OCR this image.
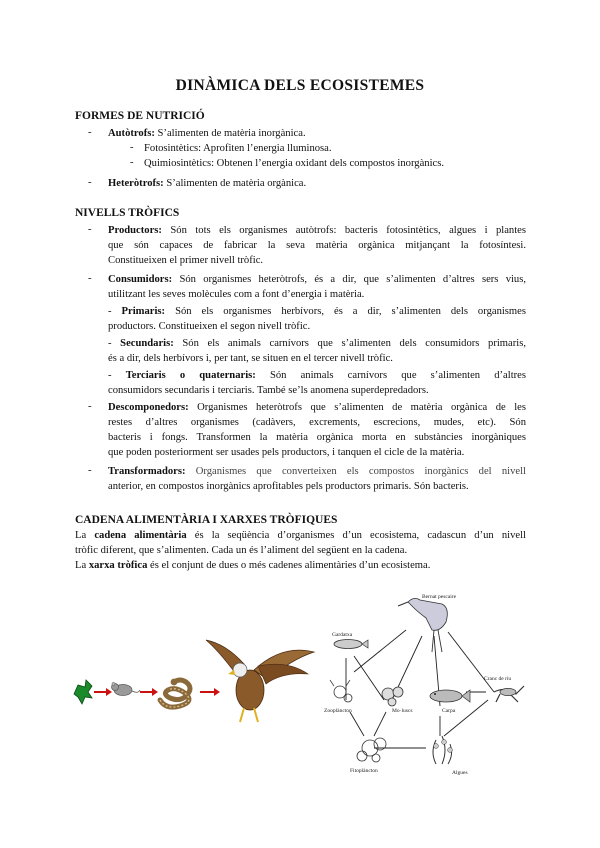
DINÀMICA DELS ECOSISTEMES
FORMES DE NUTRICIÓ
- Autòtrofs: S’alimenten de matèria inorgànica.
- Fotosintètics: Aprofiten l’energia lluminosa.
- Quimiosintètics: Obtenen l’energia oxidant dels compostos inorgànics.
- Heteròtrofs: S’alimenten de matèria orgànica.
NIVELLS TRÒFICS
- Productors: Són tots els organismes autòtrofs: bacteris fotosintètics, algues i plantes
que són capaces de fabricar la seva matèria orgànica mitjançant la fotosíntesi.
Constitueixen el primer nivell tròfic.
- Consumidors: Són organismes heteròtrofs, és a dir, que s’alimenten d’altres sers vius,
utilitzant les seves molècules com a font d’energia i matèria.
- Primaris: Són els organismes herbívors, és a dir, s’alimenten dels organismes
productors. Constitueixen el segon nivell tròfic.
- Secundaris: Són els animals carnívors que s’alimenten dels consumidors primaris,
és a dir, dels herbívors i, per tant, se situen en el tercer nivell tròfic.
- Terciaris o quaternaris: Són animals carnívors que s’alimenten d’altres
consumidors secundaris i terciaris. També se’ls anomena superdepredadors.
- Descomponedors: Organismes heteròtrofs que s’alimenten de matèria orgànica de les
restes d’altres organismes (cadàvers, excrements, escrecions, mudes, etc). Són
bacteris i fongs. Transformen la matèria orgànica morta en substàncies inorgàniques
que poden posteriorment ser usades pels productors, i tanquen el cicle de la matèria.
- Transformadors: Organismes que converteixen els compostos inorgànics del nivell
anterior, en compostos inorgànics aprofitables pels productors primaris. Són bacteris.
CADENA ALIMENTÀRIA I XARXES TRÒFIQUES
La cadena alimentària és la seqüència d’organismes d’un ecosistema, cadascun d’un nivell
tròfic diferent, que s’alimenten. Cada un és l’aliment del següent en la cadena.
La xarxa tròfica és el conjunt de dues o més cadenes alimentàries d’un ecosistema.
Bernat pescaire
Gardatxa
Cranc de riu
Zooplàncton	Mo·luscs	Carpa
Fitoplàncton	Algues
